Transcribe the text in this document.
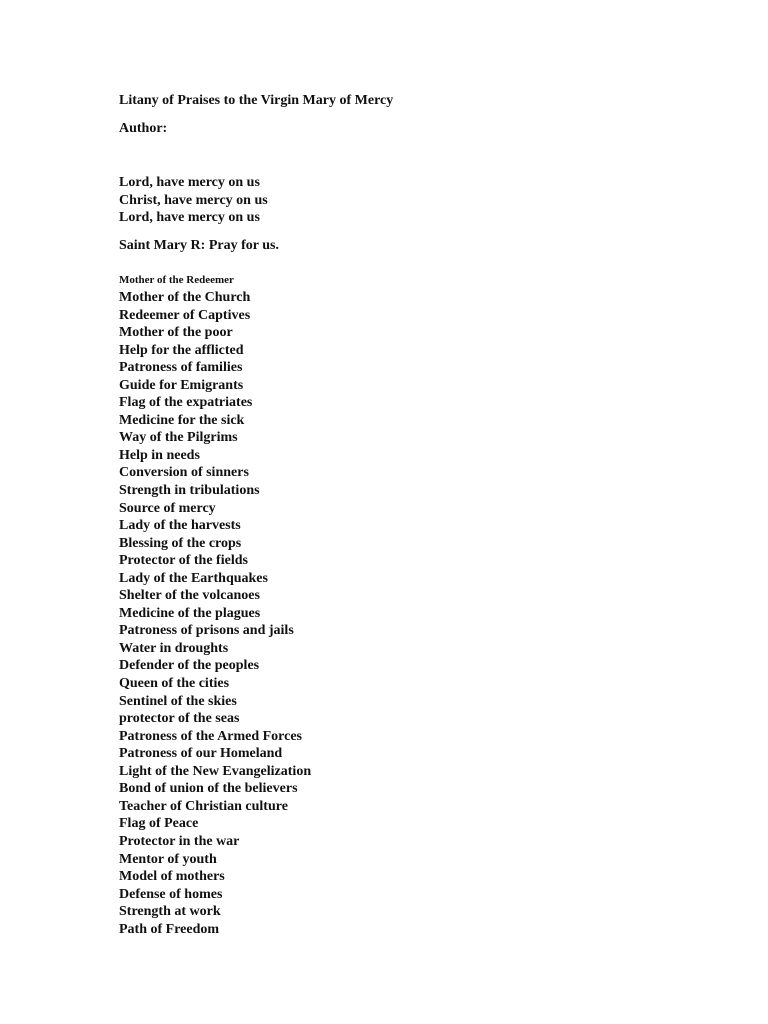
Litany of Praises to the Virgin Mary of Mercy
Author:
Lord, have mercy on us
Christ, have mercy on us
Lord, have mercy on us
Saint Mary R: Pray for us.
Mother of the Redeemer
Mother of the Church
Redeemer of Captives
Mother of the poor
Help for the afflicted
Patroness of families
Guide for Emigrants
Flag of the expatriates
Medicine for the sick
Way of the Pilgrims
Help in needs
Conversion of sinners
Strength in tribulations
Source of mercy
Lady of the harvests
Blessing of the crops
Protector of the fields
Lady of the Earthquakes
Shelter of the volcanoes
Medicine of the plagues
Patroness of prisons and jails
Water in droughts
Defender of the peoples
Queen of the cities
Sentinel of the skies
protector of the seas
Patroness of the Armed Forces
Patroness of our Homeland
Light of the New Evangelization
Bond of union of the believers
Teacher of Christian culture
Flag of Peace
Protector in the war
Mentor of youth
Model of mothers
Defense of homes
Strength at work
Path of Freedom
